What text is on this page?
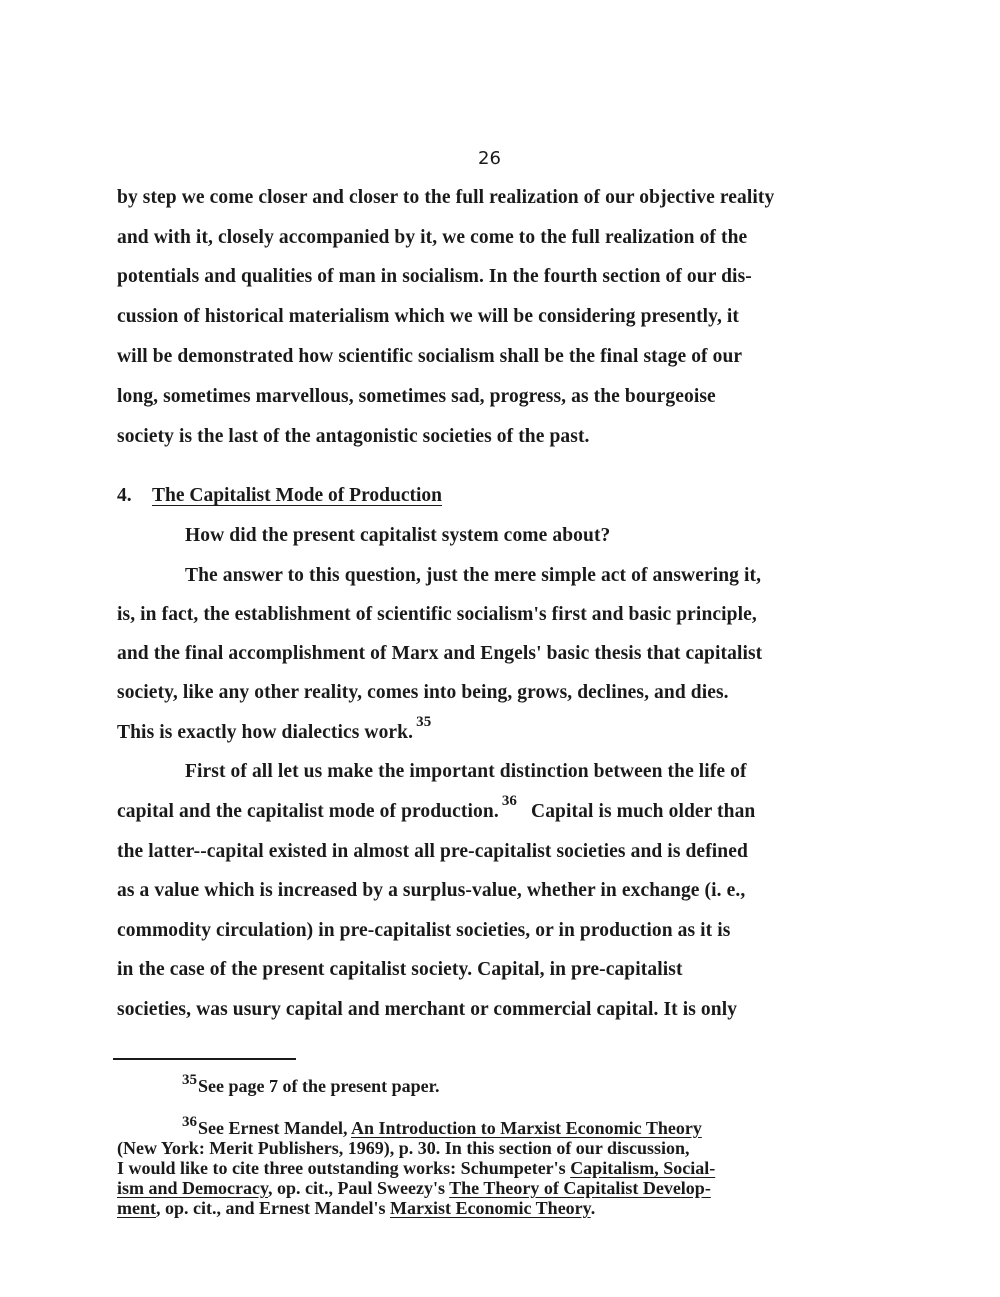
26
by step we come closer and closer to the full realization of our objective reality
and with it, closely accompanied by it, we come to the full realization of the
potentials and qualities of man in socialism. In the fourth section of our dis-
cussion of historical materialism which we will be considering presently, it
will be demonstrated how scientific socialism shall be the final stage of our
long, sometimes marvellous, sometimes sad, progress, as the bourgeoise
society is the last of the antagonistic societies of the past.
4. The Capitalist Mode of Production
How did the present capitalist system come about?
The answer to this question, just the mere simple act of answering it,
is, in fact, the establishment of scientific socialism's first and basic principle,
and the final accomplishment of Marx and Engels' basic thesis that capitalist
society, like any other reality, comes into being, grows, declines, and dies.
This is exactly how dialectics work. $^{35}$
First of all let us make the important distinction between the life of
capital and the capitalist mode of production. $^{36}$ Capital is much older than
the latter--capital existed in almost all pre-capitalist societies and is defined
as a value which is increased by a surplus-value, whether in exchange (i. e.,
commodity circulation) in pre-capitalist societies, or in production as it is
in the case of the present capitalist society. Capital, in pre-capitalist
societies, was usury capital and merchant or commercial capital. It is only
$^{35}$See page 7 of the present paper.
$^{36}$See Ernest Mandel, An Introduction to Marxist Economic Theory
(New York: Merit Publishers, 1969), p. 30. In this section of our discussion,
I would like to cite three outstanding works: Schumpeter's Capitalism, Social-
ism and Democracy, op. cit., Paul Sweezy's The Theory of Capitalist Develop-
ment, op. cit., and Ernest Mandel's Marxist Economic Theory.
